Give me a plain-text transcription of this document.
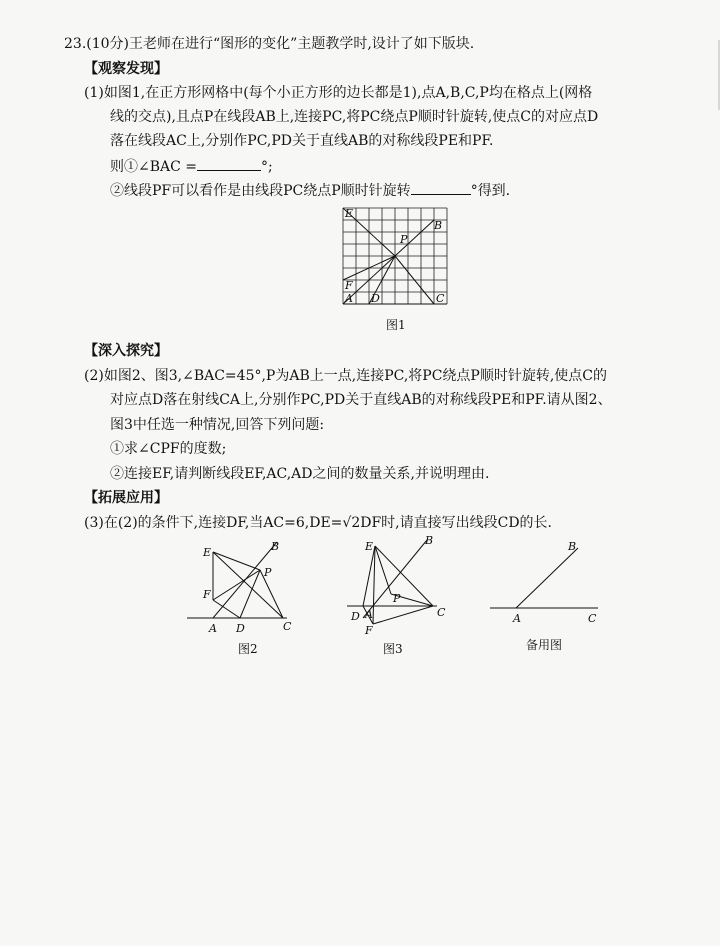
23.(10分)王老师在进行“图形的变化”主题教学时,设计了如下版块.
【观察发现】
(1)如图1,在正方形网格中(每个小正方形的边长都是1),点A,B,C,P均在格点上(网格
线的交点),且点P在线段AB上,连接PC,将PC绕点P顺时针旋转,使点C的对应点D
落在线段AC上,分别作PC,PD关于直线AB的对称线段PE和PF.
则①∠BAC =	°;
②线段PF可以看作是由线段PC绕点P顺时针旋转	°得到.
E
B
P
F
A D	C
图1
【深入探究】
(2)如图2、图3,∠BAC=45°,P为AB上一点,连接PC,将PC绕点P顺时针旋转,使点C的
对应点D落在射线CA上,分别作PC,PD关于直线AB的对称线段PE和PF.请从图2、
图3中任选一种情况,回答下列问题:
①求∠CPF的度数;
②连接EF,请判断线段EF,AC,AD之间的数量关系,并说明理由.
【拓展应用】
(3)在(2)的条件下,连接DF,当AC=6,DE=√2DF时,请直接写出线段CD的长.
E	B
P
F
A D	C
图2
E	B
P
F
A
D	C
图3
B
A	C
备用图
